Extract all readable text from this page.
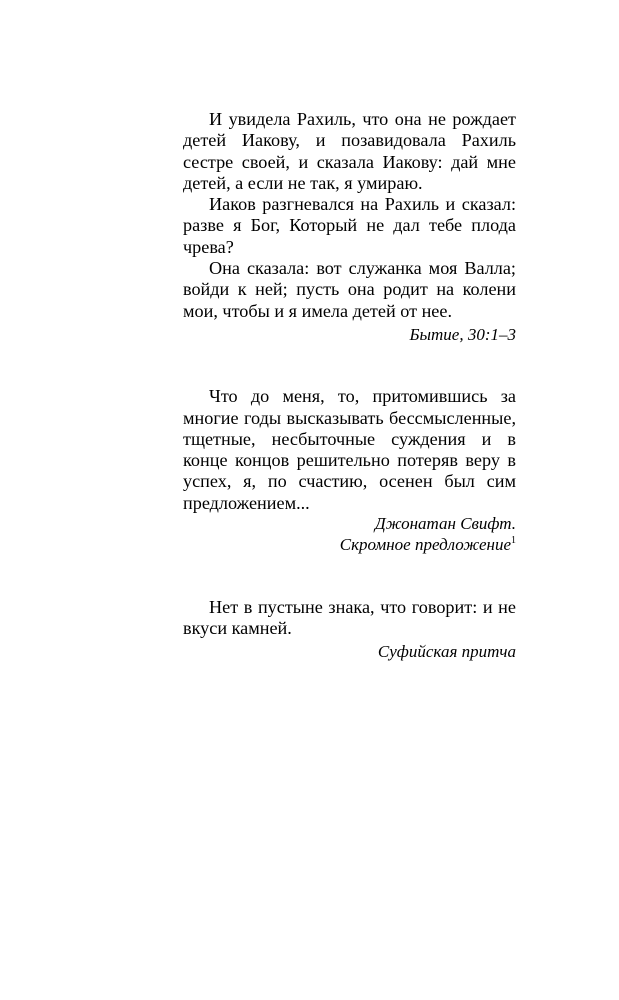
И увидела Рахиль, что она не рождает детей Иакову, и позавидовала Рахиль сестре своей, и сказала Иакову: дай мне детей, а если не так, я умираю.

Иаков разгневался на Рахиль и сказал: разве я Бог, Который не дал тебе плода чрева?

Она сказала: вот служанка моя Валла; войди к ней; пусть она родит на колени мои, чтобы и я имела детей от нее.

Бытие, 30:1–3

Что до меня, то, притомившись за многие годы высказывать бессмысленные, тщетные, несбыточные суждения и в конце концов решительно потеряв веру в успех, я, по счастию, осенен был сим предложением...

Джонатан Свифт.

Скромное предложение$^1$

Нет в пустыне знака, что говорит: и не вкуси камней.

Суфийская притча
